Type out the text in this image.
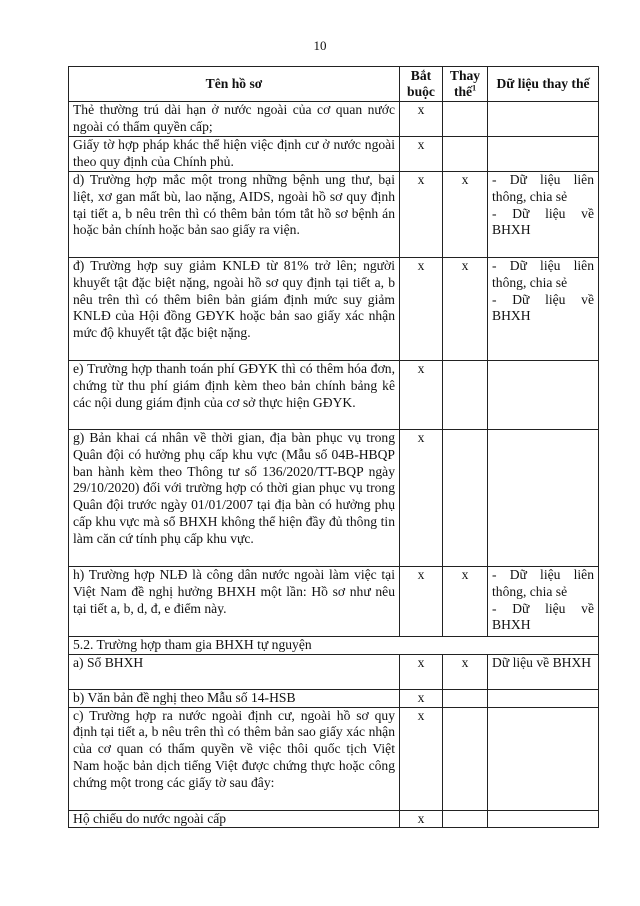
10
Tên hồ sơ	Bắt buộc	Thay thế$^1$	Dữ liệu thay thế
Thẻ thường trú dài hạn ở nước ngoài của cơ quan nước ngoài có thẩm quyền cấp;	x		
Giấy tờ hợp pháp khác thể hiện việc định cư ở nước ngoài theo quy định của Chính phủ.	x		
d) Trường hợp mắc một trong những bệnh ung thư, bại liệt, xơ gan mất bù, lao nặng, AIDS, ngoài hồ sơ quy định tại tiết a, b nêu trên thì có thêm bản tóm tắt hồ sơ bệnh án hoặc bản chính hoặc bản sao giấy ra viện.	x	x	- Dữ liệu liên thông, chia sẻ
- Dữ liệu về BHXH

đ) Trường hợp suy giảm KNLĐ từ 81% trở lên; người khuyết tật đặc biệt nặng, ngoài hồ sơ quy định tại tiết a, b nêu trên thì có thêm biên bản giám định mức suy giảm KNLĐ của Hội đồng GĐYK hoặc bản sao giấy xác nhận mức độ khuyết tật đặc biệt nặng.	x	x	- Dữ liệu liên thông, chia sẻ
- Dữ liệu về BHXH

e) Trường hợp thanh toán phí GĐYK thì có thêm hóa đơn, chứng từ thu phí giám định kèm theo bản chính bảng kê các nội dung giám định của cơ sở thực hiện GĐYK.	x		
g) Bản khai cá nhân về thời gian, địa bàn phục vụ trong Quân đội có hưởng phụ cấp khu vực (Mẫu số 04B-HBQP ban hành kèm theo Thông tư số 136/2020/TT-BQP ngày 29/10/2020) đối với trường hợp có thời gian phục vụ trong Quân đội trước ngày 01/01/2007 tại địa bàn có hưởng phụ cấp khu vực mà sổ BHXH không thể hiện đầy đủ thông tin làm căn cứ tính phụ cấp khu vực.	x		
h) Trường hợp NLĐ là công dân nước ngoài làm việc tại Việt Nam đề nghị hưởng BHXH một lần: Hồ sơ như nêu tại tiết a, b, d, đ, e điểm này.	x	x	- Dữ liệu liên thông, chia sẻ
- Dữ liệu về BHXH

5.2. Trường hợp tham gia BHXH tự nguyện			
a) Sổ BHXH	x	x	Dữ liệu về BHXH
b) Văn bản đề nghị theo Mẫu số 14-HSB	x		
c) Trường hợp ra nước ngoài định cư, ngoài hồ sơ quy định tại tiết a, b nêu trên thì có thêm bản sao giấy xác nhận của cơ quan có thẩm quyền về việc thôi quốc tịch Việt Nam hoặc bản dịch tiếng Việt được chứng thực hoặc công chứng một trong các giấy tờ sau đây:	x		
Hộ chiếu do nước ngoài cấp	x		
